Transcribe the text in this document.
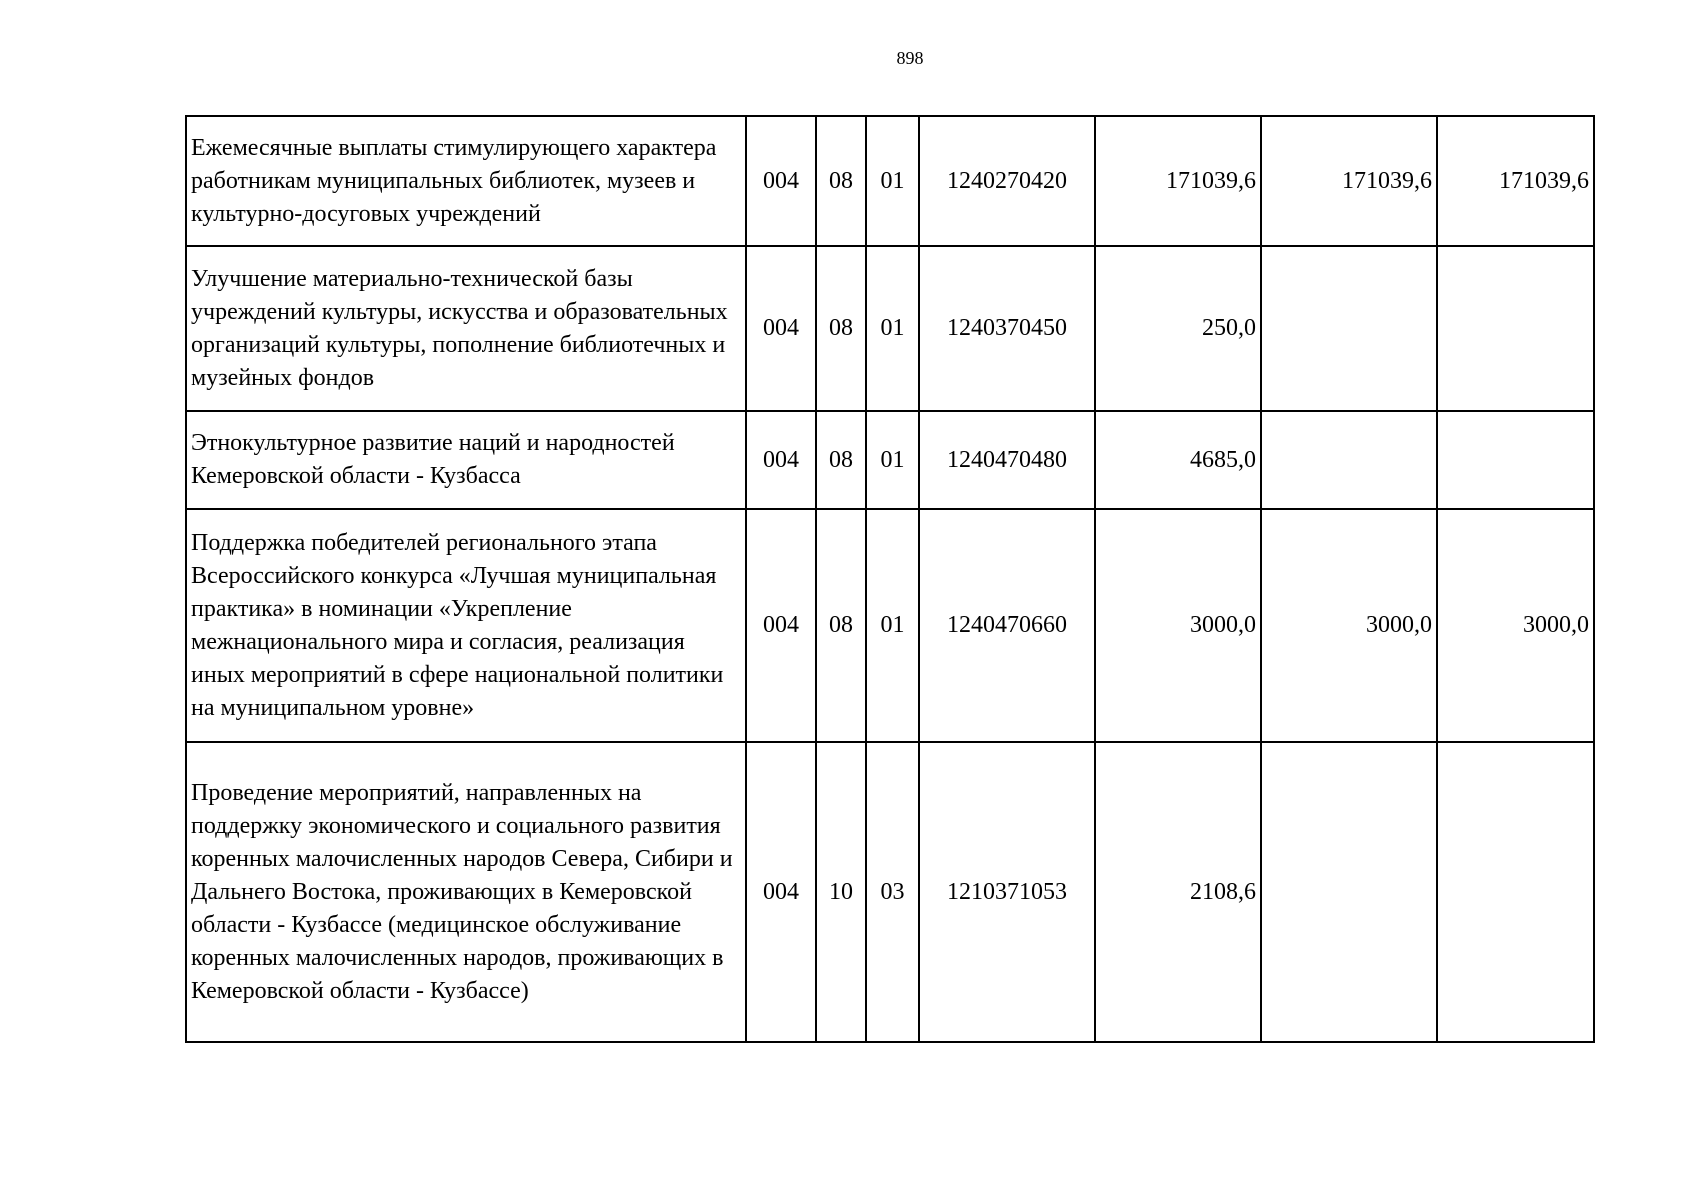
898
Ежемесячные выплаты стимулирующего характера работникам муниципальных библиотек, музеев и культурно-досуговых учреждений	004	08	01	1240270420	171039,6	171039,6	171039,6
Улучшение материально-технической базы учреждений культуры, искусства и образовательных организаций культуры, пополнение библиотечных и музейных фондов	004	08	01	1240370450	250,0		
Этнокультурное развитие наций и народностей Кемеровской области - Кузбасса	004	08	01	1240470480	4685,0		
Поддержка победителей регионального этапа Всероссийского конкурса «Лучшая муниципальная практика» в номинации «Укрепление межнационального мира и согласия, реализация иных мероприятий в сфере национальной политики на муниципальном уровне»	004	08	01	1240470660	3000,0	3000,0	3000,0
Проведение мероприятий, направленных на поддержку экономического и социального развития коренных малочисленных народов Севера, Сибири и Дальнего Востока, проживающих в Кемеровской области - Кузбассе (медицинское обслуживание коренных малочисленных народов, проживающих в Кемеровской области - Кузбассе)	004	10	03	1210371053	2108,6		
